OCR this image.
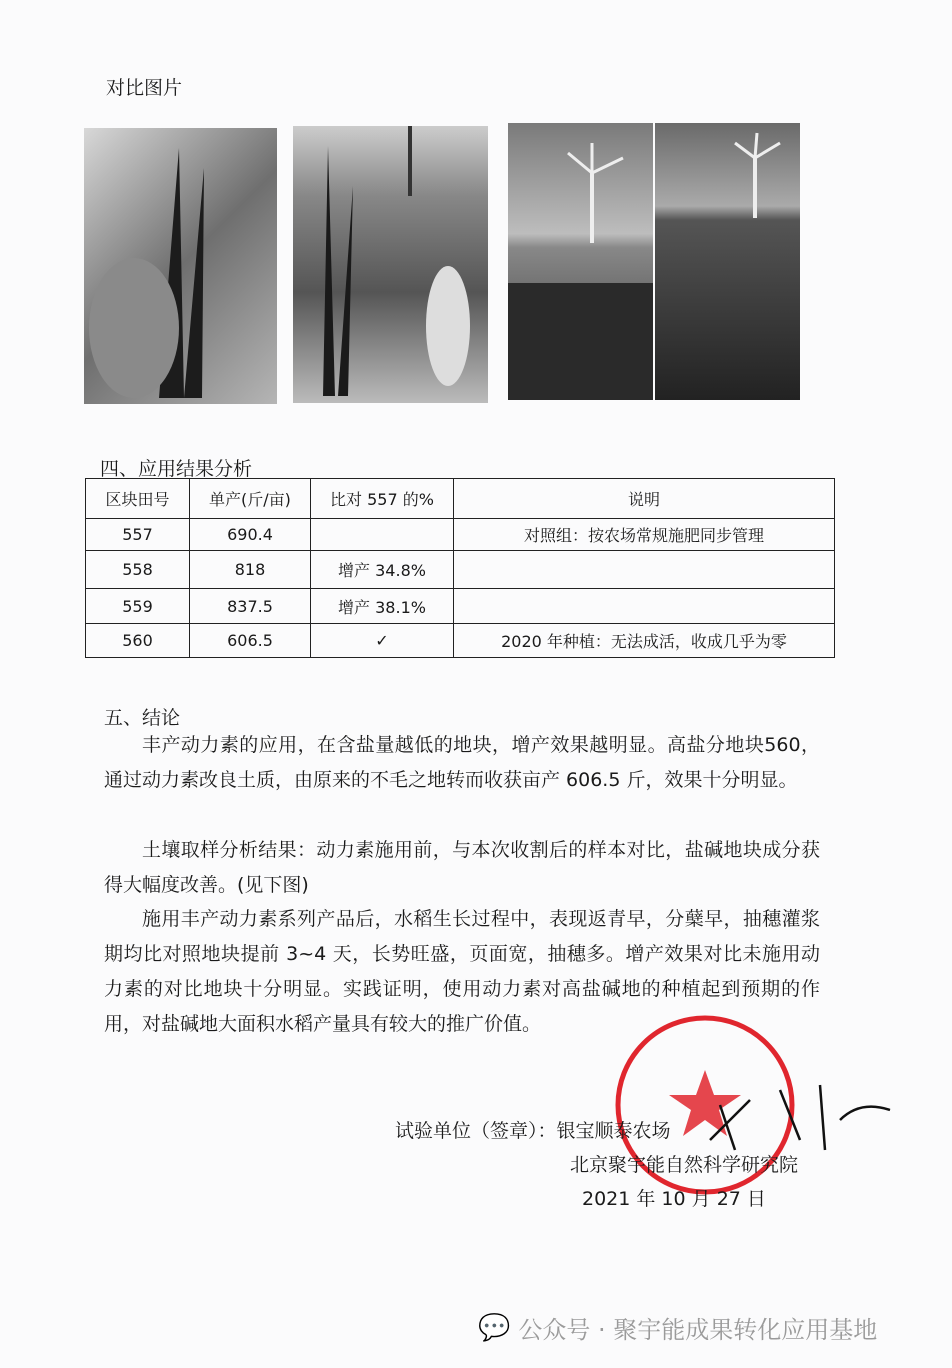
对比图片
四、应用结果分析
区块田号	单产(斤/亩)	比对 557 的%	说明
557	690.4		对照组：按农场常规施肥同步管理
558	818	增产 34.8%	
559	837.5	增产 38.1%	
560	606.5	✓	2020 年种植：无法成活，收成几乎为零
五、结论

丰产动力素的应用，在含盐量越低的地块，增产效果越明显。高盐分地块560，通过动力素改良土质，由原来的不毛之地转而收获亩产 606.5 斤，效果十分明显。

土壤取样分析结果：动力素施用前，与本次收割后的样本对比，盐碱地块成分获得大幅度改善。(见下图)

施用丰产动力素系列产品后，水稻生长过程中，表现返青早，分蘖早，抽穗灌浆期均比对照地块提前 3~4 天，长势旺盛，页面宽，抽穗多。增产效果对比未施用动力素的对比地块十分明显。实践证明，使用动力素对高盐碱地的种植起到预期的作用，对盐碱地大面积水稻产量具有较大的推广价值。

试验单位（签章）：银宝顺泰农场
北京聚宇能自然科学研究院
2021 年 10 月 27 日
💬 公众号 · 聚宇能成果转化应用基地
